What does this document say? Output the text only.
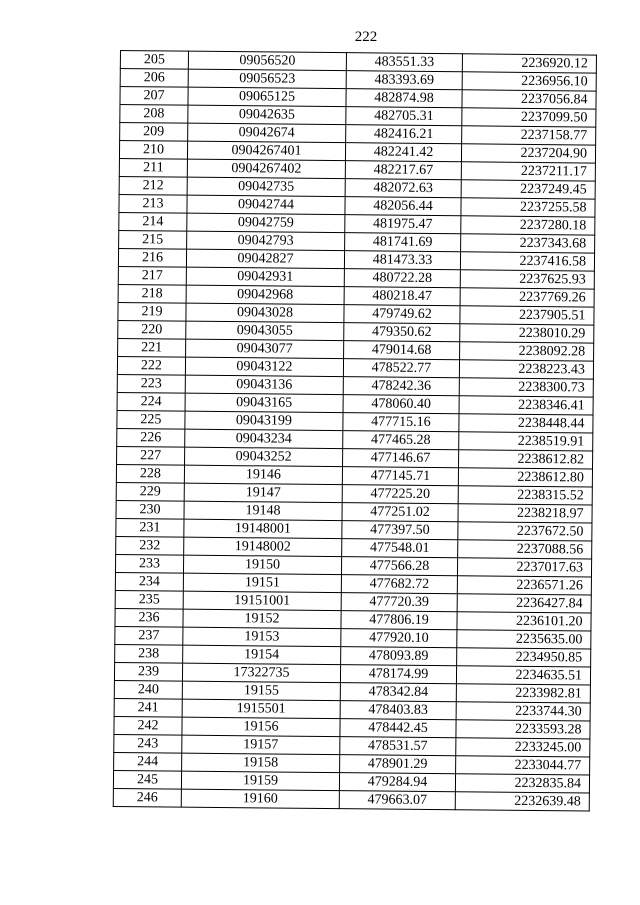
222
205	09056520	483551.33	2236920.12
206	09056523	483393.69	2236956.10
207	09065125	482874.98	2237056.84
208	09042635	482705.31	2237099.50
209	09042674	482416.21	2237158.77
210	0904267401	482241.42	2237204.90
211	0904267402	482217.67	2237211.17
212	09042735	482072.63	2237249.45
213	09042744	482056.44	2237255.58
214	09042759	481975.47	2237280.18
215	09042793	481741.69	2237343.68
216	09042827	481473.33	2237416.58
217	09042931	480722.28	2237625.93
218	09042968	480218.47	2237769.26
219	09043028	479749.62	2237905.51
220	09043055	479350.62	2238010.29
221	09043077	479014.68	2238092.28
222	09043122	478522.77	2238223.43
223	09043136	478242.36	2238300.73
224	09043165	478060.40	2238346.41
225	09043199	477715.16	2238448.44
226	09043234	477465.28	2238519.91
227	09043252	477146.67	2238612.82
228	19146	477145.71	2238612.80
229	19147	477225.20	2238315.52
230	19148	477251.02	2238218.97
231	19148001	477397.50	2237672.50
232	19148002	477548.01	2237088.56
233	19150	477566.28	2237017.63
234	19151	477682.72	2236571.26
235	19151001	477720.39	2236427.84
236	19152	477806.19	2236101.20
237	19153	477920.10	2235635.00
238	19154	478093.89	2234950.85
239	17322735	478174.99	2234635.51
240	19155	478342.84	2233982.81
241	1915501	478403.83	2233744.30
242	19156	478442.45	2233593.28
243	19157	478531.57	2233245.00
244	19158	478901.29	2233044.77
245	19159	479284.94	2232835.84
246	19160	479663.07	2232639.48
